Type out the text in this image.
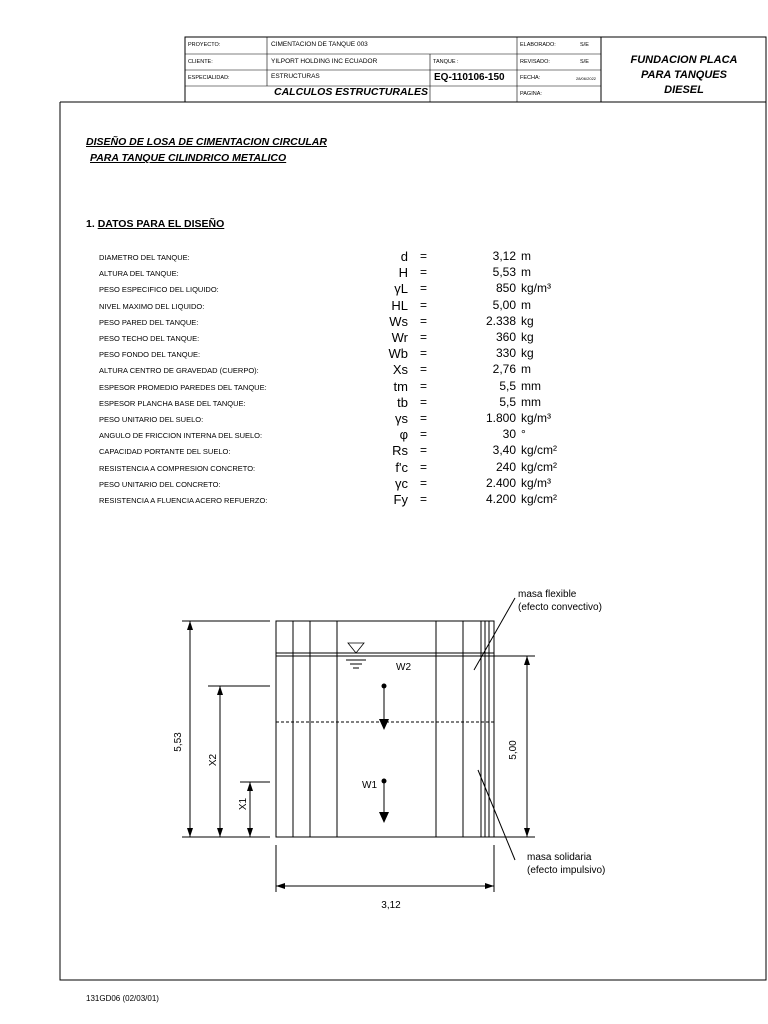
PROYECTO:	CIMENTACION DE TANQUE 003
CLIENTE:	YILPORT HOLDING INC ECUADOR	TANQUE :
EQ-110106-150
ESPECIALIDAD:	ESTRUCTURAS
CALCULOS ESTRUCTURALES
ELABORADO:	S/E
REVISADO:	S/E
FECHA:	28/06/2022
PAGINA:
FUNDACION PLACA
PARA TANQUES
DIESEL
DISEÑO DE LOSA DE CIMENTACION CIRCULAR
PARA TANQUE CILINDRICO METALICO
1. DATOS PARA EL DISEÑO
DIAMETRO DEL TANQUE:	d =	3,12 m
ALTURA DEL TANQUE:	H =	5,53 m
PESO ESPECIFICO DEL LIQUIDO:	γL =	850 kg/m³
NIVEL MAXIMO DEL LIQUIDO:	HL =	5,00 m
PESO PARED DEL TANQUE:	Ws =	2.338 kg
PESO TECHO DEL TANQUE:	Wr =	360 kg
PESO FONDO DEL TANQUE:	Wb =	330 kg
ALTURA CENTRO DE GRAVEDAD (CUERPO):	Xs =	2,76 m
ESPESOR PROMEDIO PAREDES DEL TANQUE:	tm =	5,5 mm
ESPESOR PLANCHA BASE DEL TANQUE:	tb =	5,5 mm
PESO UNITARIO DEL SUELO:	γs =	1.800 kg/m³
ANGULO DE FRICCION INTERNA DEL SUELO:	φ =	30 °
CAPACIDAD PORTANTE DEL SUELO:	Rs =	3,40 kg/cm²
RESISTENCIA A COMPRESION CONCRETO:	f'c =	240 kg/cm²
PESO UNITARIO DEL CONCRETO:	γc =	2.400 kg/m³
RESISTENCIA A FLUENCIA ACERO REFUERZO:	Fy =	4.200 kg/cm²
5,53
X2
X1
5,00
3,12
W2
W1
masa flexible
(efecto convectivo)
masa solidaria
(efecto impulsivo)
131GD06 (02/03/01)
